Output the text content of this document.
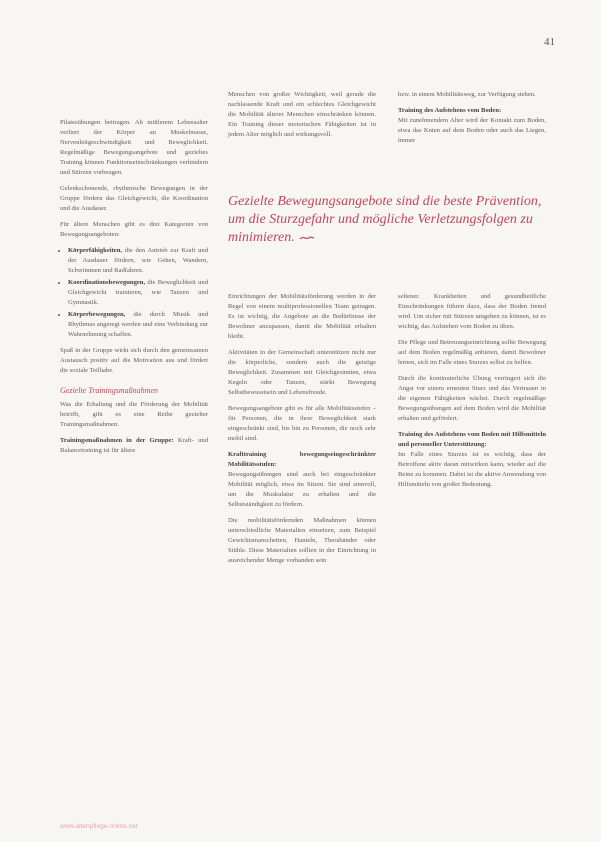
41

Pilatesübungen beitragen. Ab mittlerem Lebensalter verliert der Körper an Muskelmasse, Nervenleitgeschwindigkeit und Beweglichkeit. Regelmäßige Bewegungsangebote und gezieltes Training können Funktionseinschränkungen verhindern und Stürzen vorbeugen.

Gelenkschonende, rhythmische Bewegungen in der Gruppe fördern das Gleichgewicht, die Koordination und die Ausdauer.

Für ältere Menschen gibt es drei Kategorien von Bewegungsangeboten:

• Körperfähigkeiten, die den Antrieb zur Kraft und der Ausdauer fördern, wie Gehen, Wandern, Schwimmen und Radfahren.
• Koordinationsbewegungen, die Beweglichkeit und Gleichgewicht trainieren, wie Tanzen und Gymnastik.
• Körperbewegungen, die durch Musik und Rhythmus angeregt werden und eine Verbindung zur Wahrnehmung schaffen.

Spaß in der Gruppe wirkt sich durch den gemeinsamen Austausch positiv auf die Motivation aus und fördert die soziale Teilhabe.

Gezielte Trainingsmaßnahmen

Was die Erhaltung und die Förderung der Mobilität betrifft, gibt es eine Reihe gezielter Trainingsmaßnahmen.

Trainingsmaßnahmen in der Gruppe: Kraft- und Balancetraining ist für ältere

Menschen von großer Wichtigkeit, weil gerade die nachlassende Kraft und ein schlechtes Gleichgewicht die Mobilität älterer Menschen einschränken können. Ein Training dieser motorischen Fähigkeiten ist in jedem Alter möglich und wirkungsvoll.

bzw. in einem Mobilitätsweg, zur Verfügung stehen.

Training des Aufstehens vom Boden:

Mit zunehmendem Alter wird der Kontakt zum Boden, etwa das Knien auf dem Boden oder auch das Liegen, immer

Gezielte Bewegungsangebote sind die beste Prävention, um die Sturzgefahr und mögliche Verletzungsfolgen zu minimieren.

Einrichtungen der Mobilitätsförderung werden in der Regel von einem multiprofessionellen Team getragen. Es ist wichtig, die Angebote an die Bedürfnisse der Bewohner anzupassen, damit die Mobilität erhalten bleibt.

Aktivitäten in der Gemeinschaft unterstützen nicht nur die körperliche, sondern auch die geistige Beweglichkeit. Zusammen mit Gleichgesinnten, etwa Kegeln oder Tanzen, stärkt Bewegung Selbstbewusstsein und Lebensfreude.

Bewegungsangebote gibt es für alle Mobilitätsstufen – für Personen, die in ihrer Beweglichkeit stark eingeschränkt sind, bis hin zu Personen, die noch sehr mobil sind.

Krafttraining bewegungseingeschränkter Mobilitätsstufen:

Bewegungsübungen sind auch bei eingeschränkter Mobilität möglich, etwa im Sitzen. Sie sind sinnvoll, um die Muskulatur zu erhalten und die Selbstständigkeit zu fördern.

Die mobilitätsfördernden Maßnahmen können unterschiedliche Materialien einsetzen, zum Beispiel Gewichtsmanschetten, Hanteln, Therabänder oder Stühle. Diese Materialien sollten in der Einrichtung in ausreichender Menge vorhanden sein

seltener. Krankheiten und gesundheitliche Einschränkungen führen dazu, dass der Boden fremd wird. Um sicher mit Stürzen umgehen zu können, ist es wichtig, das Aufstehen vom Boden zu üben.

Die Pflege und Betreuungseinrichtung sollte Bewegung auf dem Boden regelmäßig anbieten, damit Bewohner lernen, sich im Falle eines Sturzes selbst zu helfen.

Durch die kontinuierliche Übung verringert sich die Angst vor einem erneuten Sturz und das Vertrauen in die eigenen Fähigkeiten wächst. Durch regelmäßige Bewegungsübungen auf dem Boden wird die Mobilität erhalten und gefördert.

Training des Aufstehens vom Boden mit Hilfsmitteln und personeller Unterstützung:

Im Falle eines Sturzes ist es wichtig, dass der Betroffene aktiv daran mitwirken kann, wieder auf die Beine zu kommen. Dabei ist die aktive Anwendung von Hilfsmitteln von großer Bedeutung.

www.altenpflege-online.net
